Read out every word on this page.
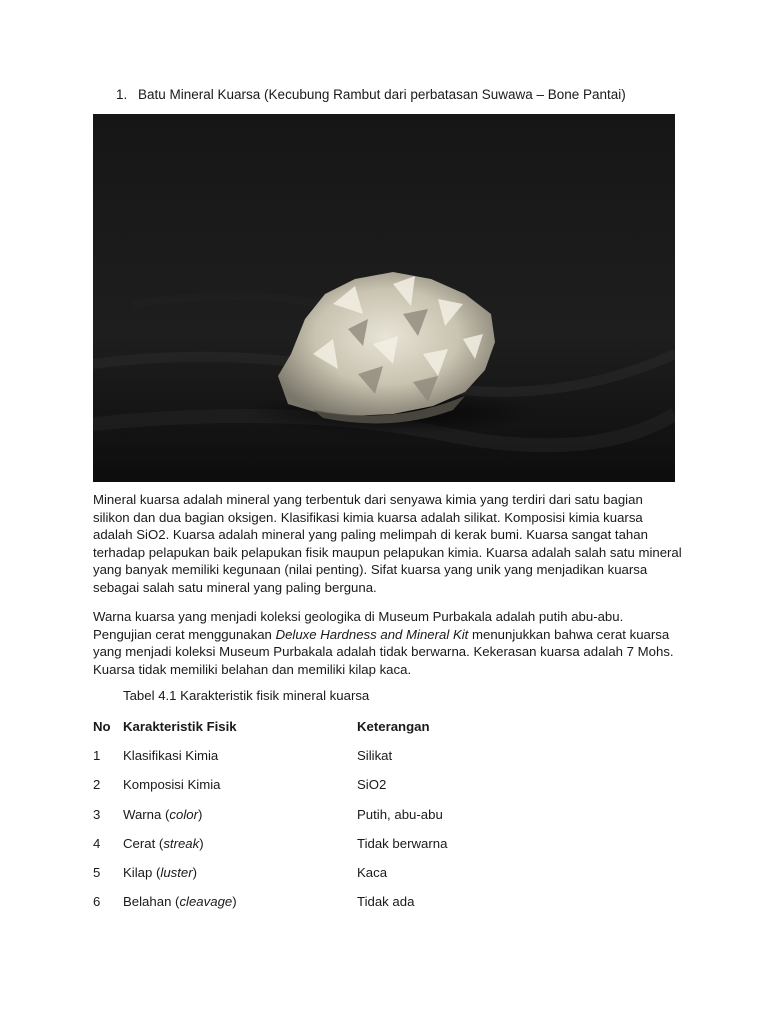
1. Batu Mineral Kuarsa (Kecubung Rambut dari perbatasan Suwawa – Bone Pantai)

Mineral kuarsa adalah mineral yang terbentuk dari senyawa kimia yang terdiri dari satu bagian silikon dan dua bagian oksigen. Klasifikasi kimia kuarsa adalah silikat. Komposisi kimia kuarsa adalah SiO2. Kuarsa adalah mineral yang paling melimpah di kerak bumi. Kuarsa sangat tahan terhadap pelapukan baik pelapukan fisik maupun pelapukan kimia. Kuarsa adalah salah satu mineral yang banyak memiliki kegunaan (nilai penting). Sifat kuarsa yang unik yang menjadikan kuarsa sebagai salah satu mineral yang paling berguna.

Warna kuarsa yang menjadi koleksi geologika di Museum Purbakala adalah putih abu-abu. Pengujian cerat menggunakan Deluxe Hardness and Mineral Kit menunjukkan bahwa cerat kuarsa yang menjadi koleksi Museum Purbakala adalah tidak berwarna. Kekerasan kuarsa adalah 7 Mohs. Kuarsa tidak memiliki belahan dan memiliki kilap kaca.

Tabel 4.1 Karakteristik fisik mineral kuarsa
No	Karakteristik Fisik	Keterangan
1	Klasifikasi Kimia	Silikat
2	Komposisi Kimia	SiO2
3	Warna (color)	Putih, abu-abu
4	Cerat (streak)	Tidak berwarna
5	Kilap (luster)	Kaca
6	Belahan (cleavage)	Tidak ada
